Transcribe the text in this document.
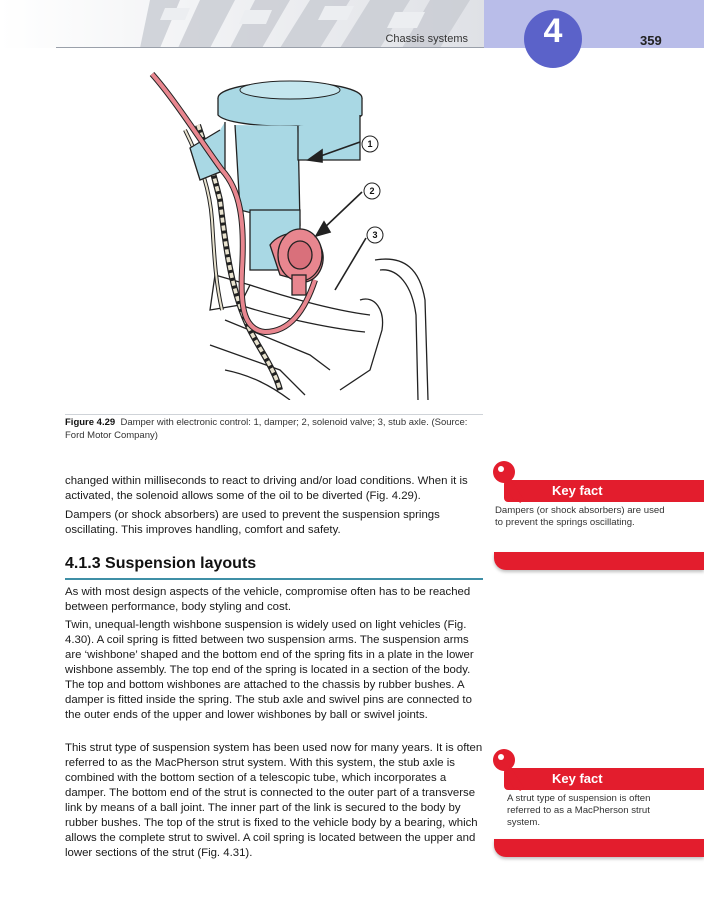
Chassis systems	4	359
1
2
3
Figure 4.29 Damper with electronic control: 1, damper; 2, solenoid valve; 3, stub axle. (Source: Ford Motor Company)
changed within milliseconds to react to driving and/or load conditions. When it is activated, the solenoid allows some of the oil to be diverted (Fig. 4.29).
Dampers (or shock absorbers) are used to prevent the suspension springs oscillating. This improves handling, comfort and safety.
4.1.3 Suspension layouts
As with most design aspects of the vehicle, compromise often has to be reached between performance, body styling and cost.
Twin, unequal-length wishbone suspension is widely used on light vehicles (Fig. 4.30). A coil spring is fitted between two suspension arms. The suspension arms are ‘wishbone’ shaped and the bottom end of the spring fits in a plate in the lower wishbone assembly. The top end of the spring is located in a section of the body. The top and bottom wishbones are attached to the chassis by rubber bushes. A damper is fitted inside the spring. The stub axle and swivel pins are connected to the outer ends of the upper and lower wishbones by ball or swivel joints.
This strut type of suspension system has been used now for many years. It is often referred to as the MacPherson strut system. With this system, the stub axle is combined with the bottom section of a telescopic tube, which incorporates a damper. The bottom end of the strut is connected to the outer part of a transverse link by means of a ball joint. The inner part of the link is secured to the body by rubber bushes. The top of the strut is fixed to the vehicle body by a bearing, which allows the complete strut to swivel. A coil spring is located between the upper and lower sections of the strut (Fig. 4.31).
Key fact
Dampers (or shock absorbers) are used to prevent the springs oscillating.
Key fact
A strut type of suspension is often referred to as a MacPherson strut system.
